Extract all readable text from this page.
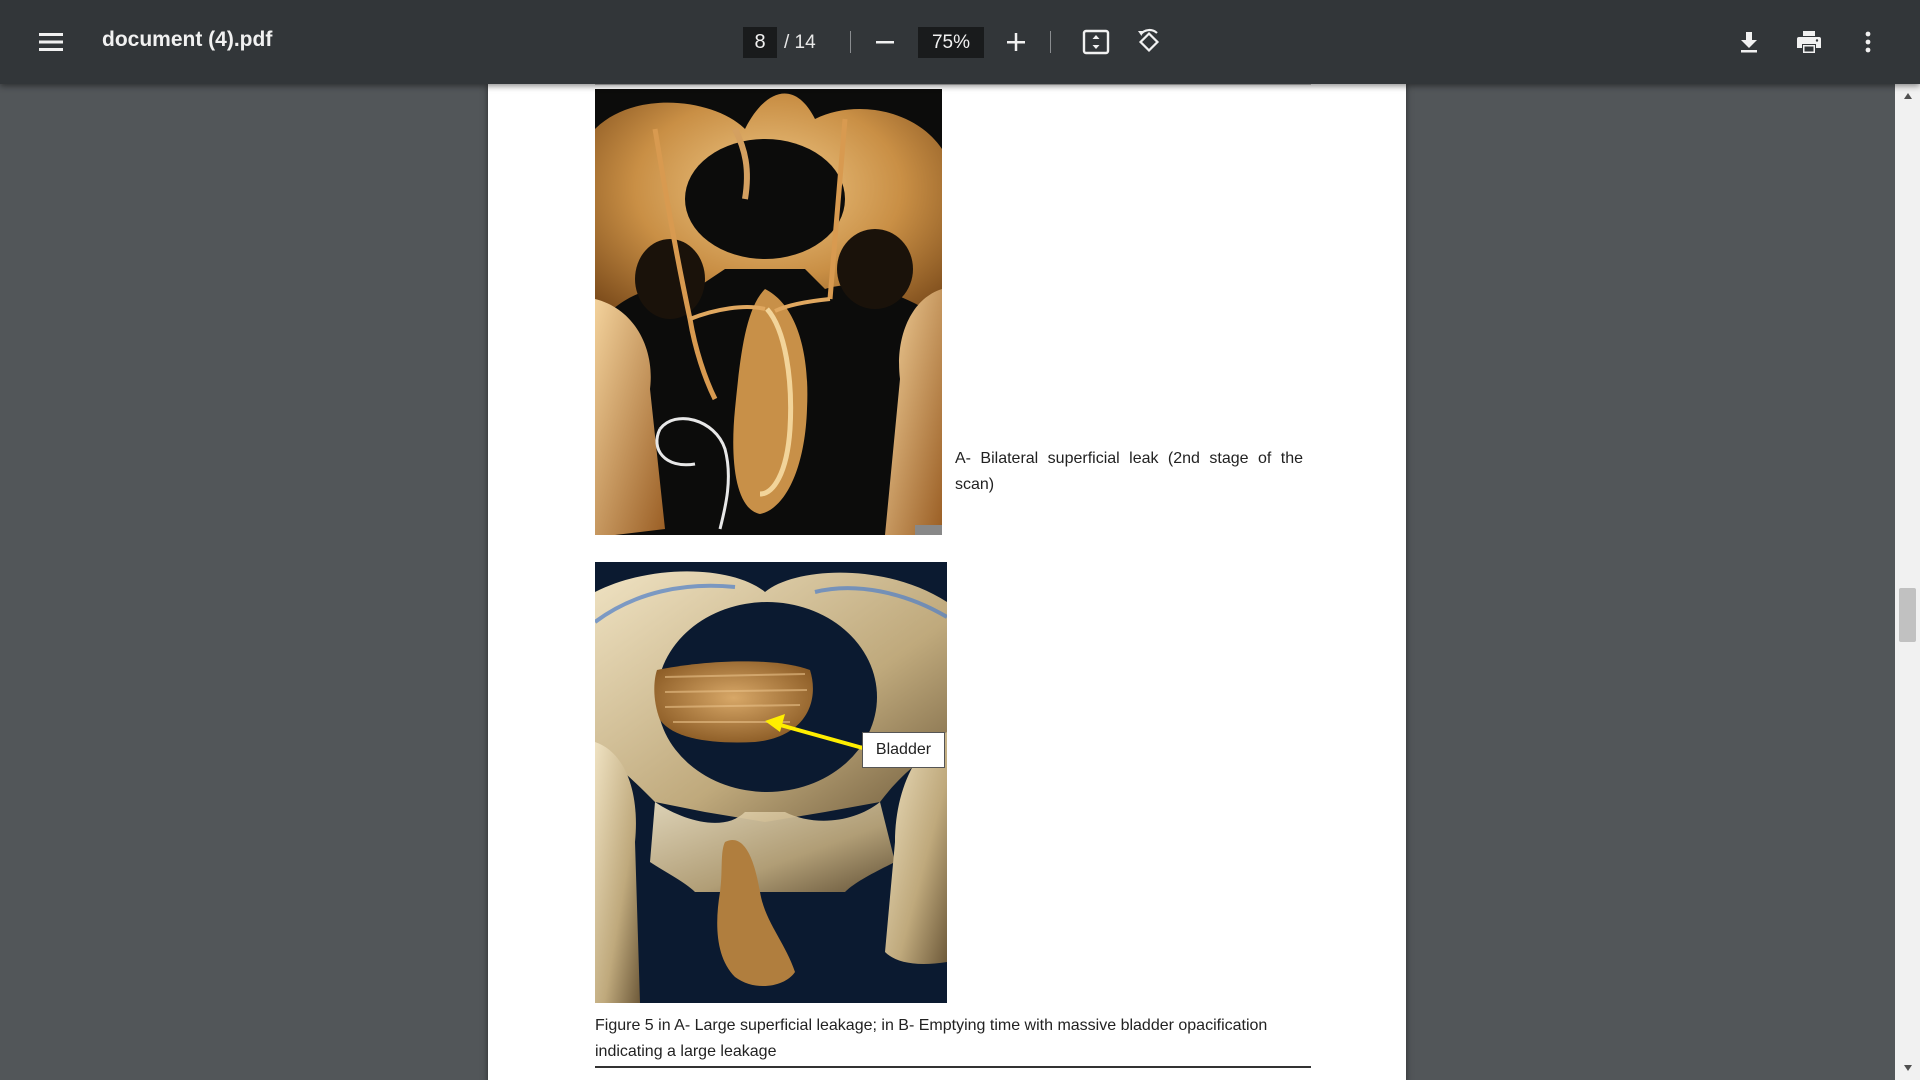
document (4).pdf
8	/ 14
75%
A- Bilateral superficial leak (2nd stage of the scan)
Bladder
Figure 5 in A- Large superficial leakage; in B- Emptying time with massive bladder opacification indicating a large leakage
